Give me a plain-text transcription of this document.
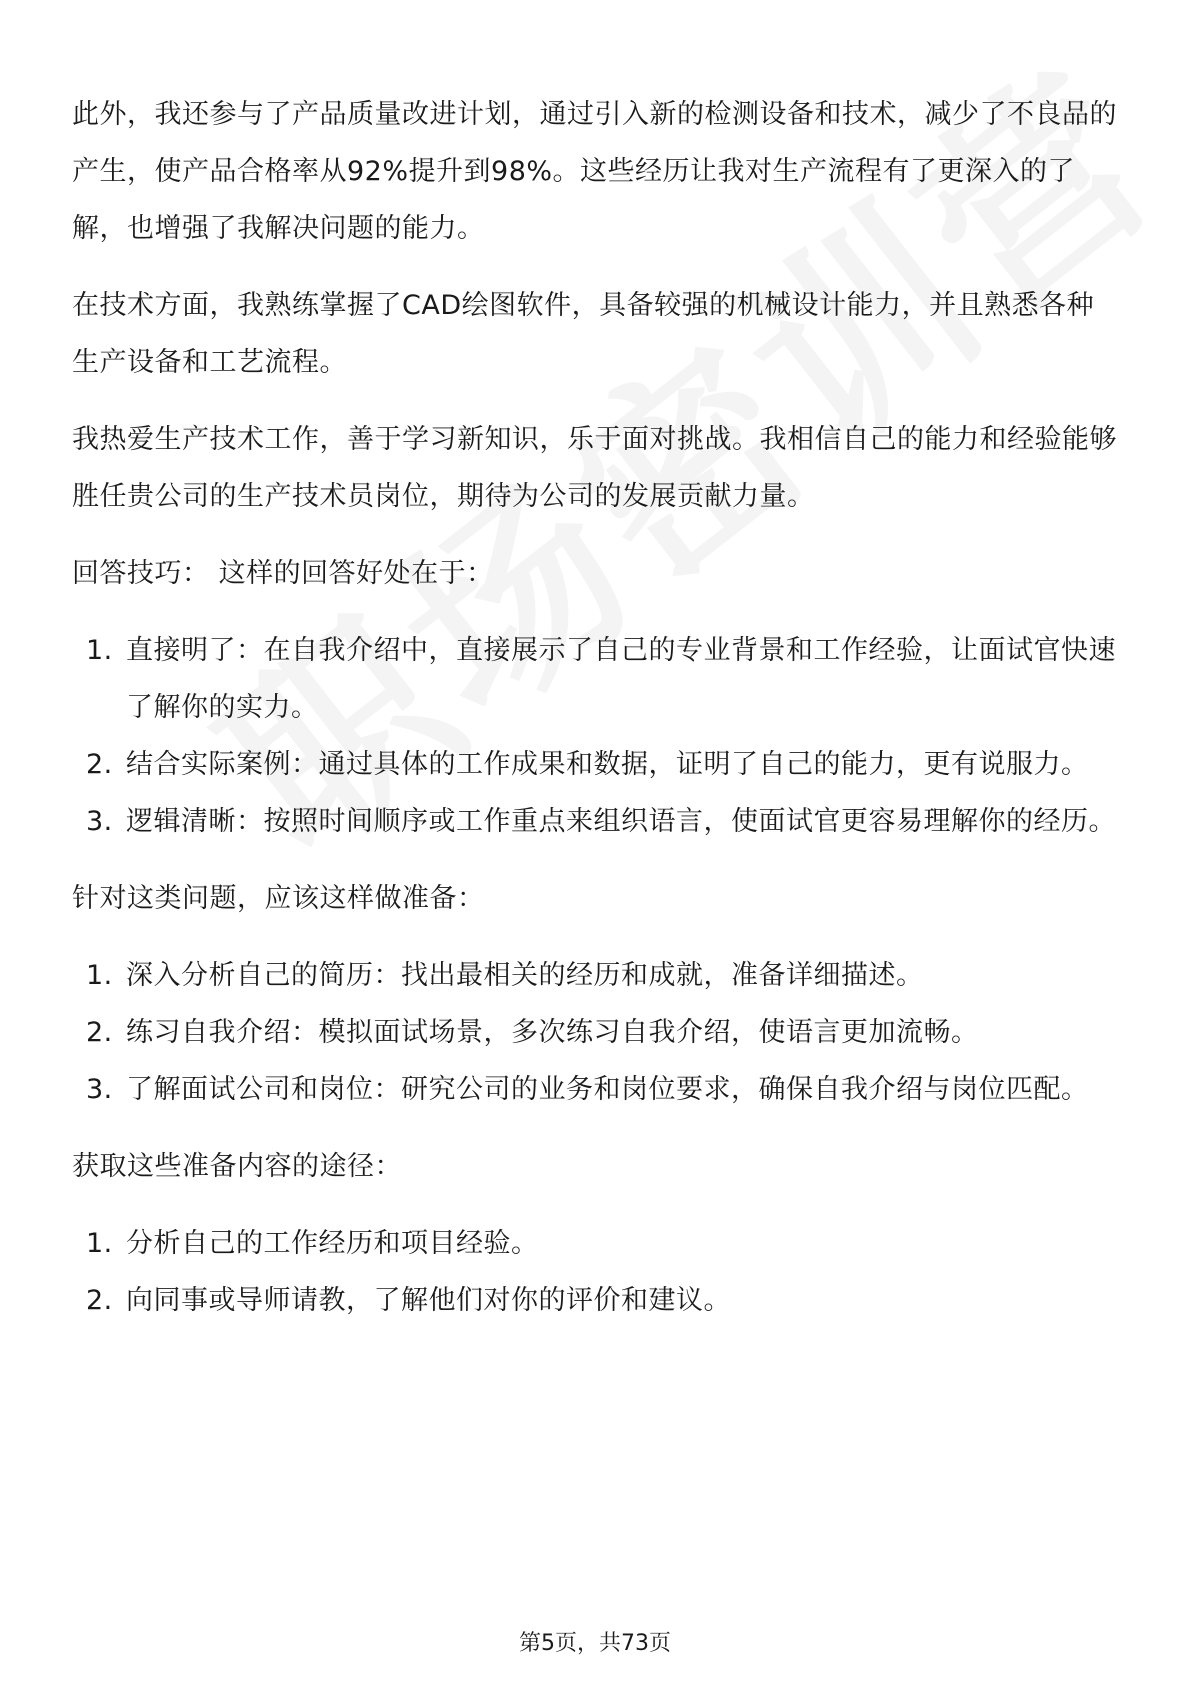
此外，我还参与了产品质量改进计划，通过引入新的检测设备和技术，减少了不良品的产生，使产品合格率从92%提升到98%。这些经历让我对生产流程有了更深入的了解，也增强了我解决问题的能力。

在技术方面，我熟练掌握了CAD绘图软件，具备较强的机械设计能力，并且熟悉各种生产设备和工艺流程。

我热爱生产技术工作，善于学习新知识，乐于面对挑战。我相信自己的能力和经验能够胜任贵公司的生产技术员岗位，期待为公司的发展贡献力量。

回答技巧： 这样的回答好处在于：

1. 直接明了：在自我介绍中，直接展示了自己的专业背景和工作经验，让面试官快速了解你的实力。
2. 结合实际案例：通过具体的工作成果和数据，证明了自己的能力，更有说服力。
3. 逻辑清晰：按照时间顺序或工作重点来组织语言，使面试官更容易理解你的经历。

针对这类问题，应该这样做准备：

1. 深入分析自己的简历：找出最相关的经历和成就，准备详细描述。
2. 练习自我介绍：模拟面试场景，多次练习自我介绍，使语言更加流畅。
3. 了解面试公司和岗位：研究公司的业务和岗位要求，确保自我介绍与岗位匹配。

获取这些准备内容的途径：

1. 分析自己的工作经历和项目经验。
2. 向同事或导师请教，了解他们对你的评价和建议。
第5页，共73页
